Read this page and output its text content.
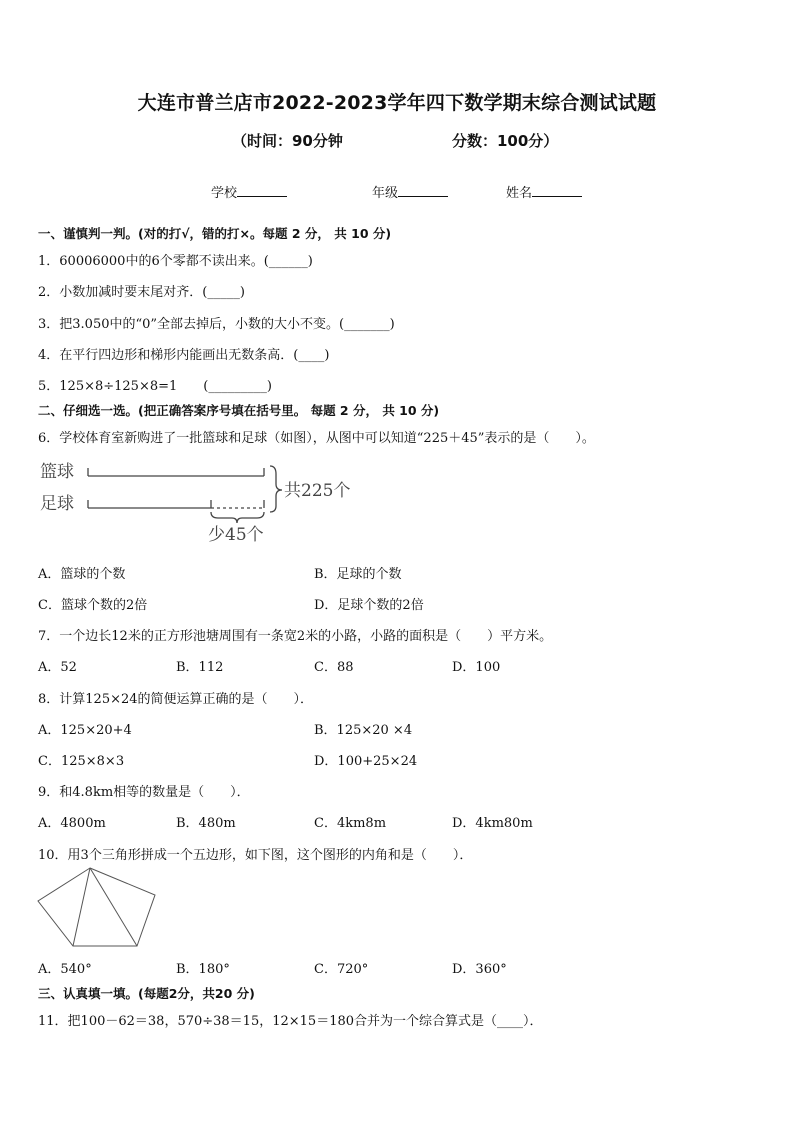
大连市普兰店市2022-2023学年四下数学期末综合测试试题
（时间：90分钟	分数：100分）
学校	年级	姓名
一、谨慎判一判。(对的打√，错的打×。每题 2 分， 共 10 分)
1．60006000中的6个零都不读出来。(______)
2．小数加减时要末尾对齐．(_____)
3．把3.050中的“0”全部去掉后，小数的大小不变。(_______)
4．在平行四边形和梯形内能画出无数条高．(____)
5．125×8÷125×8=1　　(_________)
二、仔细选一选。(把正确答案序号填在括号里。 每题 2 分， 共 10 分)
6．学校体育室新购进了一批篮球和足球（如图），从图中可以知道“225＋45”表示的是（　　）。
篮球
足球
共225个
少45个
A．篮球的个数	B．足球的个数
C．篮球个数的2倍	D．足球个数的2倍
7．一个边长12米的正方形池塘周围有一条宽2米的小路，小路的面积是（　　）平方米。
A．52	B．112	C．88	D．100
8．计算125×24的简便运算正确的是（　　）．
A．125×20+4	B．125×20 ×4
C．125×8×3	D．100+25×24
9．和4.8km相等的数量是（　　）．
A．4800m	B．480m	C．4km8m	D．4km80m
10．用3个三角形拼成一个五边形，如下图，这个图形的内角和是（　　）．
A．540°	B．180°	C．720°	D．360°
三、认真填一填。(每题2分，共20 分)
11．把100－62＝38，570÷38＝15，12×15＝180合并为一个综合算式是（____）．
